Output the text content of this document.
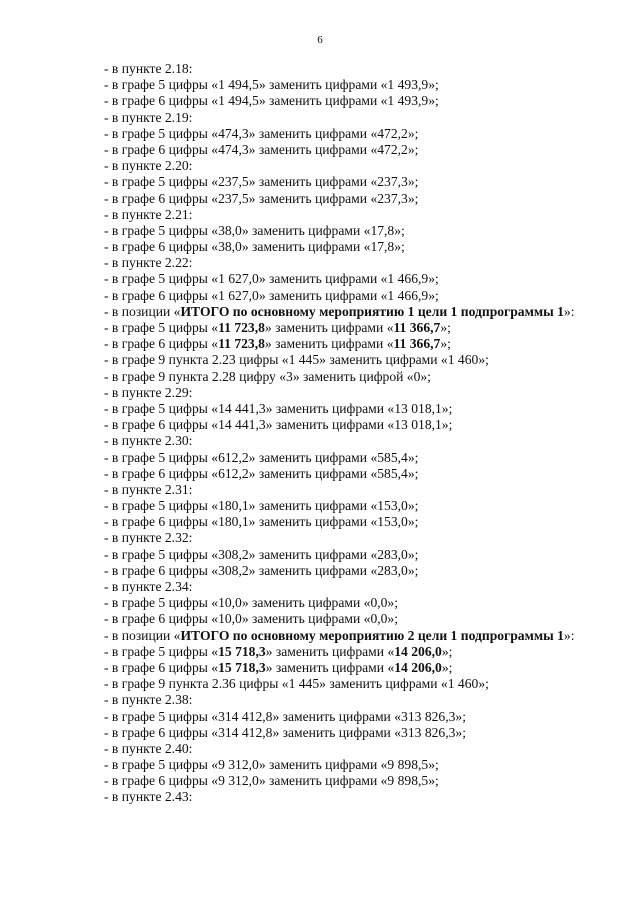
6
- в пункте 2.18:
- в графе 5 цифры «1 494,5» заменить цифрами «1 493,9»;
- в графе 6 цифры «1 494,5» заменить цифрами «1 493,9»;
- в пункте 2.19:
- в графе 5 цифры «474,3» заменить цифрами «472,2»;
- в графе 6 цифры «474,3» заменить цифрами «472,2»;
- в пункте 2.20:
- в графе 5 цифры «237,5» заменить цифрами «237,3»;
- в графе 6 цифры «237,5» заменить цифрами «237,3»;
- в пункте 2.21:
- в графе 5 цифры «38,0» заменить цифрами «17,8»;
- в графе 6 цифры «38,0» заменить цифрами «17,8»;
- в пункте 2.22:
- в графе 5 цифры «1 627,0» заменить цифрами «1 466,9»;
- в графе 6 цифры «1 627,0» заменить цифрами «1 466,9»;
- в позиции «ИТОГО по основному мероприятию 1 цели 1 подпрограммы 1»:
- в графе 5 цифры «11 723,8» заменить цифрами «11 366,7»;
- в графе 6 цифры «11 723,8» заменить цифрами «11 366,7»;
- в графе 9 пункта 2.23 цифры «1 445» заменить цифрами «1 460»;
- в графе 9 пункта 2.28 цифру «3» заменить цифрой «0»;
- в пункте 2.29:
- в графе 5 цифры «14 441,3» заменить цифрами «13 018,1»;
- в графе 6 цифры «14 441,3» заменить цифрами «13 018,1»;
- в пункте 2.30:
- в графе 5 цифры «612,2» заменить цифрами «585,4»;
- в графе 6 цифры «612,2» заменить цифрами «585,4»;
- в пункте 2.31:
- в графе 5 цифры «180,1» заменить цифрами «153,0»;
- в графе 6 цифры «180,1» заменить цифрами «153,0»;
- в пункте 2.32:
- в графе 5 цифры «308,2» заменить цифрами «283,0»;
- в графе 6 цифры «308,2» заменить цифрами «283,0»;
- в пункте 2.34:
- в графе 5 цифры «10,0» заменить цифрами «0,0»;
- в графе 6 цифры «10,0» заменить цифрами «0,0»;
- в позиции «ИТОГО по основному мероприятию 2 цели 1 подпрограммы 1»:
- в графе 5 цифры «15 718,3» заменить цифрами «14 206,0»;
- в графе 6 цифры «15 718,3» заменить цифрами «14 206,0»;
- в графе 9 пункта 2.36 цифры «1 445» заменить цифрами «1 460»;
- в пункте 2.38:
- в графе 5 цифры «314 412,8» заменить цифрами «313 826,3»;
- в графе 6 цифры «314 412,8» заменить цифрами «313 826,3»;
- в пункте 2.40:
- в графе 5 цифры «9 312,0» заменить цифрами «9 898,5»;
- в графе 6 цифры «9 312,0» заменить цифрами «9 898,5»;
- в пункте 2.43:
